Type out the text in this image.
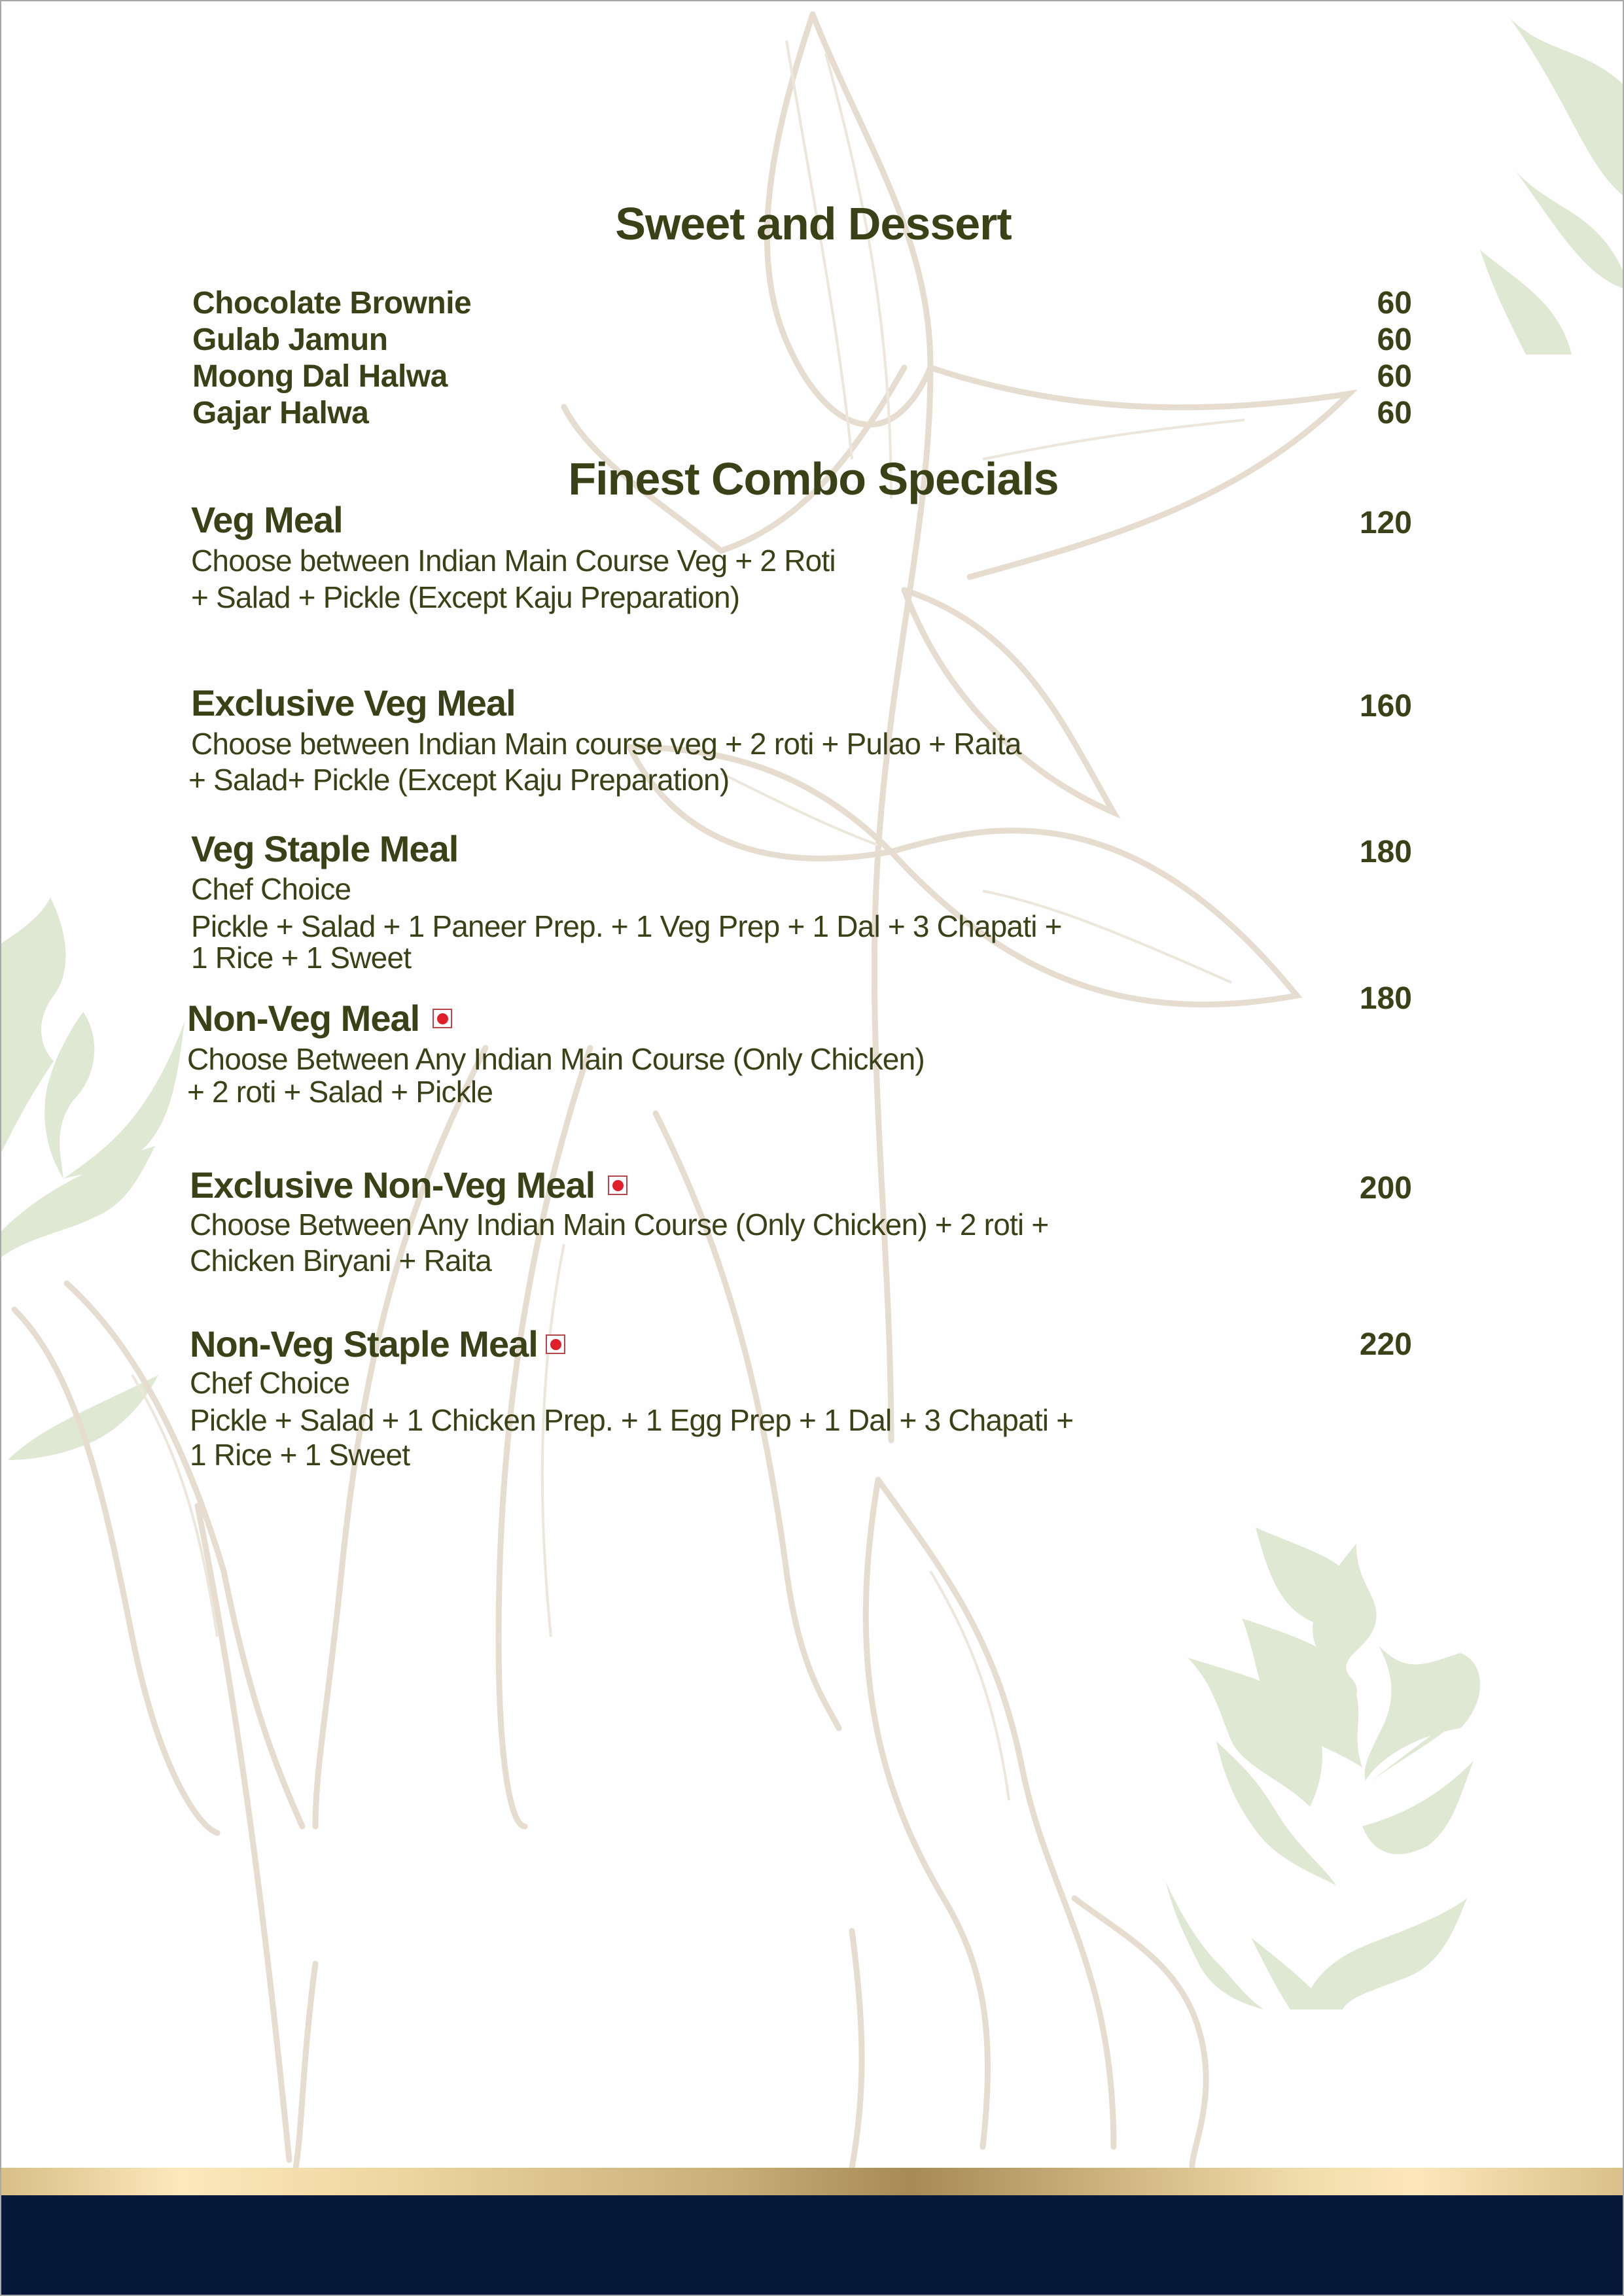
Sweet and Dessert
Chocolate Brownie	60
Gulab Jamun	60
Moong Dal Halwa	60
Gajar Halwa	60
Finest Combo Specials
Veg Meal	120
Choose between Indian Main Course Veg + 2 Roti
+ Salad + Pickle (Except Kaju Preparation)
Exclusive Veg Meal	160
Choose between Indian Main course veg + 2 roti + Pulao + Raita
+ Salad+ Pickle (Except Kaju Preparation)
Veg Staple Meal	180
Chef Choice
Pickle + Salad + 1 Paneer Prep. + 1 Veg Prep + 1 Dal + 3 Chapati +
1 Rice + 1 Sweet
Non-Veg Meal	180
Choose Between Any Indian Main Course (Only Chicken)
+ 2 roti + Salad + Pickle
Exclusive Non-Veg Meal	200
Choose Between Any Indian Main Course (Only Chicken) + 2 roti +
Chicken Biryani + Raita
Non-Veg Staple Meal	220
Chef Choice
Pickle + Salad + 1 Chicken Prep. + 1 Egg Prep + 1 Dal + 3 Chapati +
1 Rice + 1 Sweet
